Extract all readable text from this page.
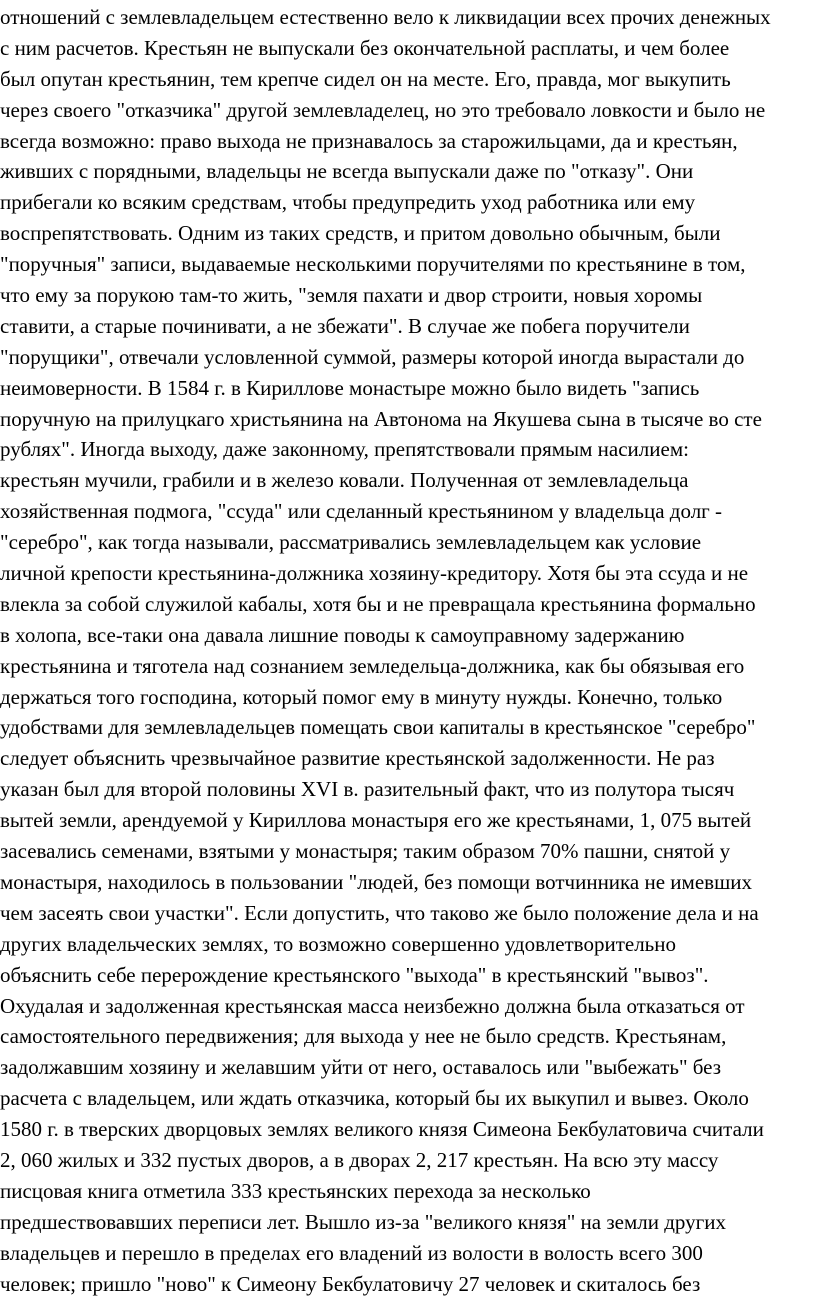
отношений с землевладельцем естественно вело к ликвидации всех прочих денежных
с ним расчетов. Крестьян не выпускали без окончательной расплаты, и чем более
был опутан крестьянин, тем крепче сидел он на месте. Его, правда, мог выкупить
через своего "отказчика" другой землевладелец, но это требовало ловкости и было не
всегда возможно: право выхода не признавалось за старожильцами, да и крестьян,
живших с порядными, владельцы не всегда выпускали даже по "отказу". Они
прибегали ко всяким средствам, чтобы предупредить уход работника или ему
воспрепятствовать. Одним из таких средств, и притом довольно обычным, были
"поручныя" записи, выдаваемые несколькими поручителями по крестьянине в том,
что ему за порукою там-то жить, "земля пахати и двор строити, новыя хоромы
ставити, а старые починивати, а не збежати". В случае же побега поручители
"порущики", отвечали условленной суммой, размеры которой иногда вырастали до
неимоверности. В 1584 г. в Кирилловe монастыре можно было видеть "запись
поручную на прилуцкаго христьянина на Автонома на Якушева сына в тысяче во сте
рублях". Иногда выходу, даже законному, препятствовали прямым насилием:
крестьян мучили, грабили и в железо ковали. Полученная от землевладельца
хозяйственная подмога, "ссуда" или сделанный крестьянином у владельца долг -
"серебро", как тогда называли, рассматривались землевладельцем как условие
личной крепости крестьянина-должника хозяину-кредитору. Хотя бы эта ссуда и не
влекла за собой служилой кабалы, хотя бы и не превращала крестьянина формально
в холопа, все-таки она давала лишние поводы к самоуправному задержанию
крестьянина и тяготела над сознанием земледельца-должника, как бы обязывая его
держаться того господина, который помог ему в минуту нужды. Конечно, только
удобствами для землевладельцев помещать свои капиталы в крестьянское "серебро"
следует объяснить чрезвычайное развитие крестьянской задолженности. Не раз
указан был для второй половины XVI в. разительный факт, что из полутора тысяч
вытей земли, арендуемой у Кириллова монастыря его же крестьянами, 1, 075 вытей
засевались семенами, взятыми у монастыря; таким образом 70% пашни, снятой у
монастыря, находилось в пользовании "людей, без помощи вотчинника не имевших
чем засеять свои участки". Если допустить, что таково же было положение дела и на
других владельческих землях, то возможно совершенно удовлетворительно
объяснить себе перерождение крестьянского "выхода" в крестьянский "вывоз".
Охудалая и задолженная крестьянская масса неизбежно должна была отказаться от
самостоятельного передвижения; для выхода у нее не было средств. Крестьянам,
задолжавшим хозяину и желавшим уйти от него, оставалось или "выбежать" без
расчета с владельцем, или ждать отказчика, который бы их выкупил и вывез. Около
1580 г. в тверских дворцовых землях великого князя Симеона Бекбулатовича считали
2, 060 жилых и 332 пустых дворов, а в дворах 2, 217 крестьян. На всю эту массу
писцовая книга отметила 333 крестьянских перехода за несколько
предшествовавших переписи лет. Вышло из-за "великого князя" на земли других
владельцев и перешло в пределах его владений из волости в волость всего 300
человек; пришло "ново" к Симеону Бекбулатовичу 27 человек и скиталось без
